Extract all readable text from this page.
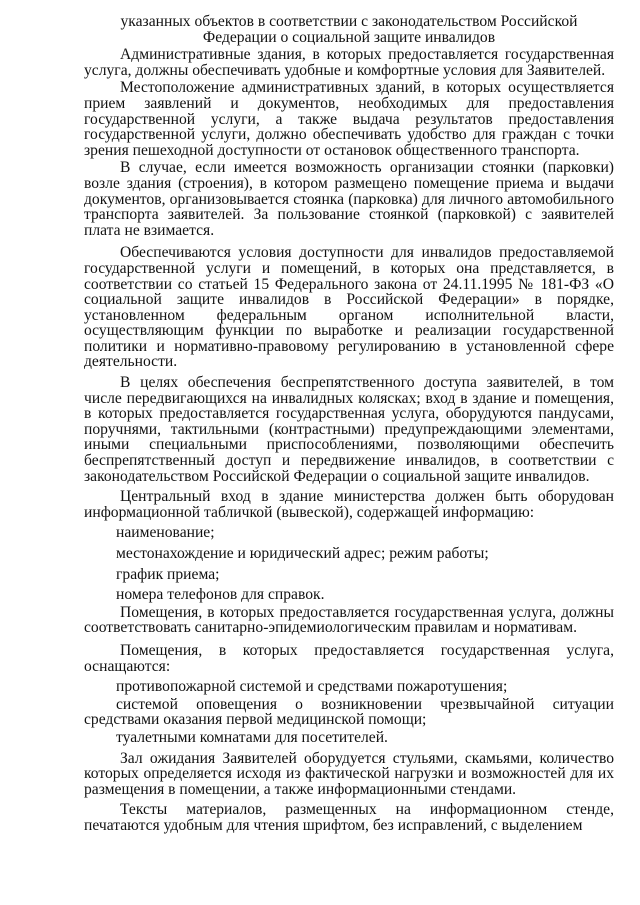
указанных объектов в соответствии с законодательством Российской Федерации о социальной защите инвалидов

Административные здания, в которых предоставляется государственная услуга, должны обеспечивать удобные и комфортные условия для Заявителей.

Местоположение административных зданий, в которых осуществляется прием заявлений и документов, необходимых для предоставления государственной услуги, а также выдача результатов предоставления государственной услуги, должно обеспечивать удобство для граждан с точки зрения пешеходной доступности от остановок общественного транспорта.

В случае, если имеется возможность организации стоянки (парковки) возле здания (строения), в котором размещено помещение приема и выдачи документов, организовывается стоянка (парковка) для личного автомобильного транспорта заявителей. За пользование стоянкой (парковкой) с заявителей плата не взимается.

Обеспечиваются условия доступности для инвалидов предоставляемой государственной услуги и помещений, в которых она представляется, в соответствии со статьей 15 Федерального закона от 24.11.1995 № 181-ФЗ «О социальной защите инвалидов в Российской Федерации» в порядке, установленном федеральным органом исполнительной власти, осуществляющим функции по выработке и реализации государственной политики и нормативно-правовому регулированию в установленной сфере деятельности.

В целях обеспечения беспрепятственного доступа заявителей, в том числе передвигающихся на инвалидных колясках; вход в здание и помещения, в которых предоставляется государственная услуга, оборудуются пандусами, поручнями, тактильными (контрастными) предупреждающими элементами, иными специальными приспособлениями, позволяющими обеспечить беспрепятственный доступ и передвижение инвалидов, в соответствии с законодательством Российской Федерации о социальной защите инвалидов.

Центральный вход в здание министерства должен быть оборудован информационной табличкой (вывеской), содержащей информацию:

наименование;

местонахождение и юридический адрес; режим работы;

график приема;

номера телефонов для справок.

Помещения, в которых предоставляется государственная услуга, должны соответствовать санитарно-эпидемиологическим правилам и нормативам.

Помещения, в которых предоставляется государственная услуга, оснащаются:

противопожарной системой и средствами пожаротушения;

системой оповещения о возникновении чрезвычайной ситуации средствами оказания первой медицинской помощи;

туалетными комнатами для посетителей.

Зал ожидания Заявителей оборудуется стульями, скамьями, количество которых определяется исходя из фактической нагрузки и возможностей для их размещения в помещении, а также информационными стендами.

Тексты материалов, размещенных на информационном стенде, печатаются удобным для чтения шрифтом, без исправлений, с выделением
